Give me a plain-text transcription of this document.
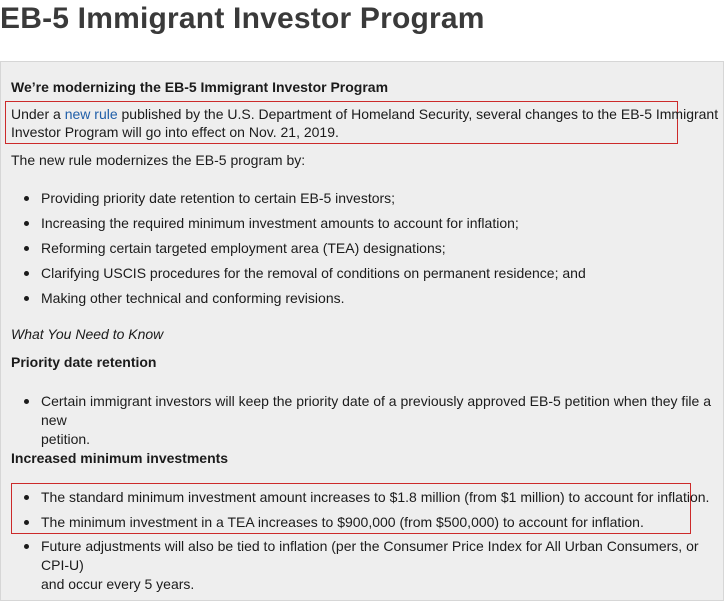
EB-5 Immigrant Investor Program

We’re modernizing the EB-5 Immigrant Investor Program

Under a new rule published by the U.S. Department of Homeland Security, several changes to the EB-5 Immigrant

Investor Program will go into effect on Nov. 21, 2019.

The new rule modernizes the EB-5 program by:

Providing priority date retention to certain EB-5 investors;
Increasing the required minimum investment amounts to account for inflation;
Reforming certain targeted employment area (TEA) designations;
Clarifying USCIS procedures for the removal of conditions on permanent residence; and
Making other technical and conforming revisions.

What You Need to Know

Priority date retention

Certain immigrant investors will keep the priority date of a previously approved EB-5 petition when they file a new
petition.

Increased minimum investments

The standard minimum investment amount increases to $1.8 million (from $1 million) to account for inflation.
The minimum investment in a TEA increases to $900,000 (from $500,000) to account for inflation.
Future adjustments will also be tied to inflation (per the Consumer Price Index for All Urban Consumers, or CPI-U)
and occur every 5 years.
